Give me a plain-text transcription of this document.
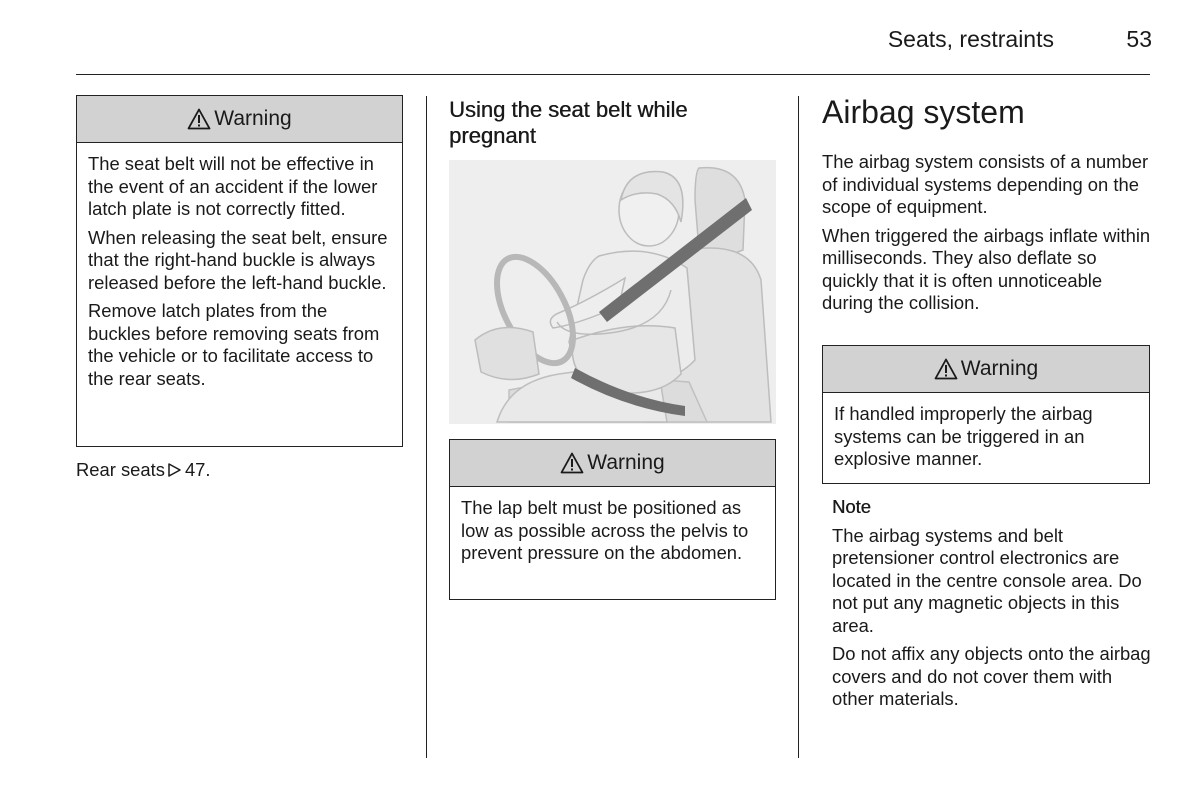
Seats, restraints	53
Warning

The seat belt will not be effective in the event of an accident if the lower latch plate is not correctly fitted.

When releasing the seat belt, ensure that the right-hand buckle is always released before the left-hand buckle.

Remove latch plates from the buckles before removing seats from the vehicle or to facilitate access to the rear seats.

Rear seats 47.
Using the seat belt while pregnant
Warning

The lap belt must be positioned as low as possible across the pelvis to prevent pressure on the abdomen.

Airbag system

The airbag system consists of a number of individual systems depending on the scope of equipment.

When triggered the airbags inflate within milliseconds. They also deflate so quickly that it is often unnoticeable during the collision.

Warning

If handled improperly the airbag systems can be triggered in an explosive manner.

Note

The airbag systems and belt pretensioner control electronics are located in the centre console area. Do not put any magnetic objects in this area.

Do not affix any objects onto the airbag covers and do not cover them with other materials.
